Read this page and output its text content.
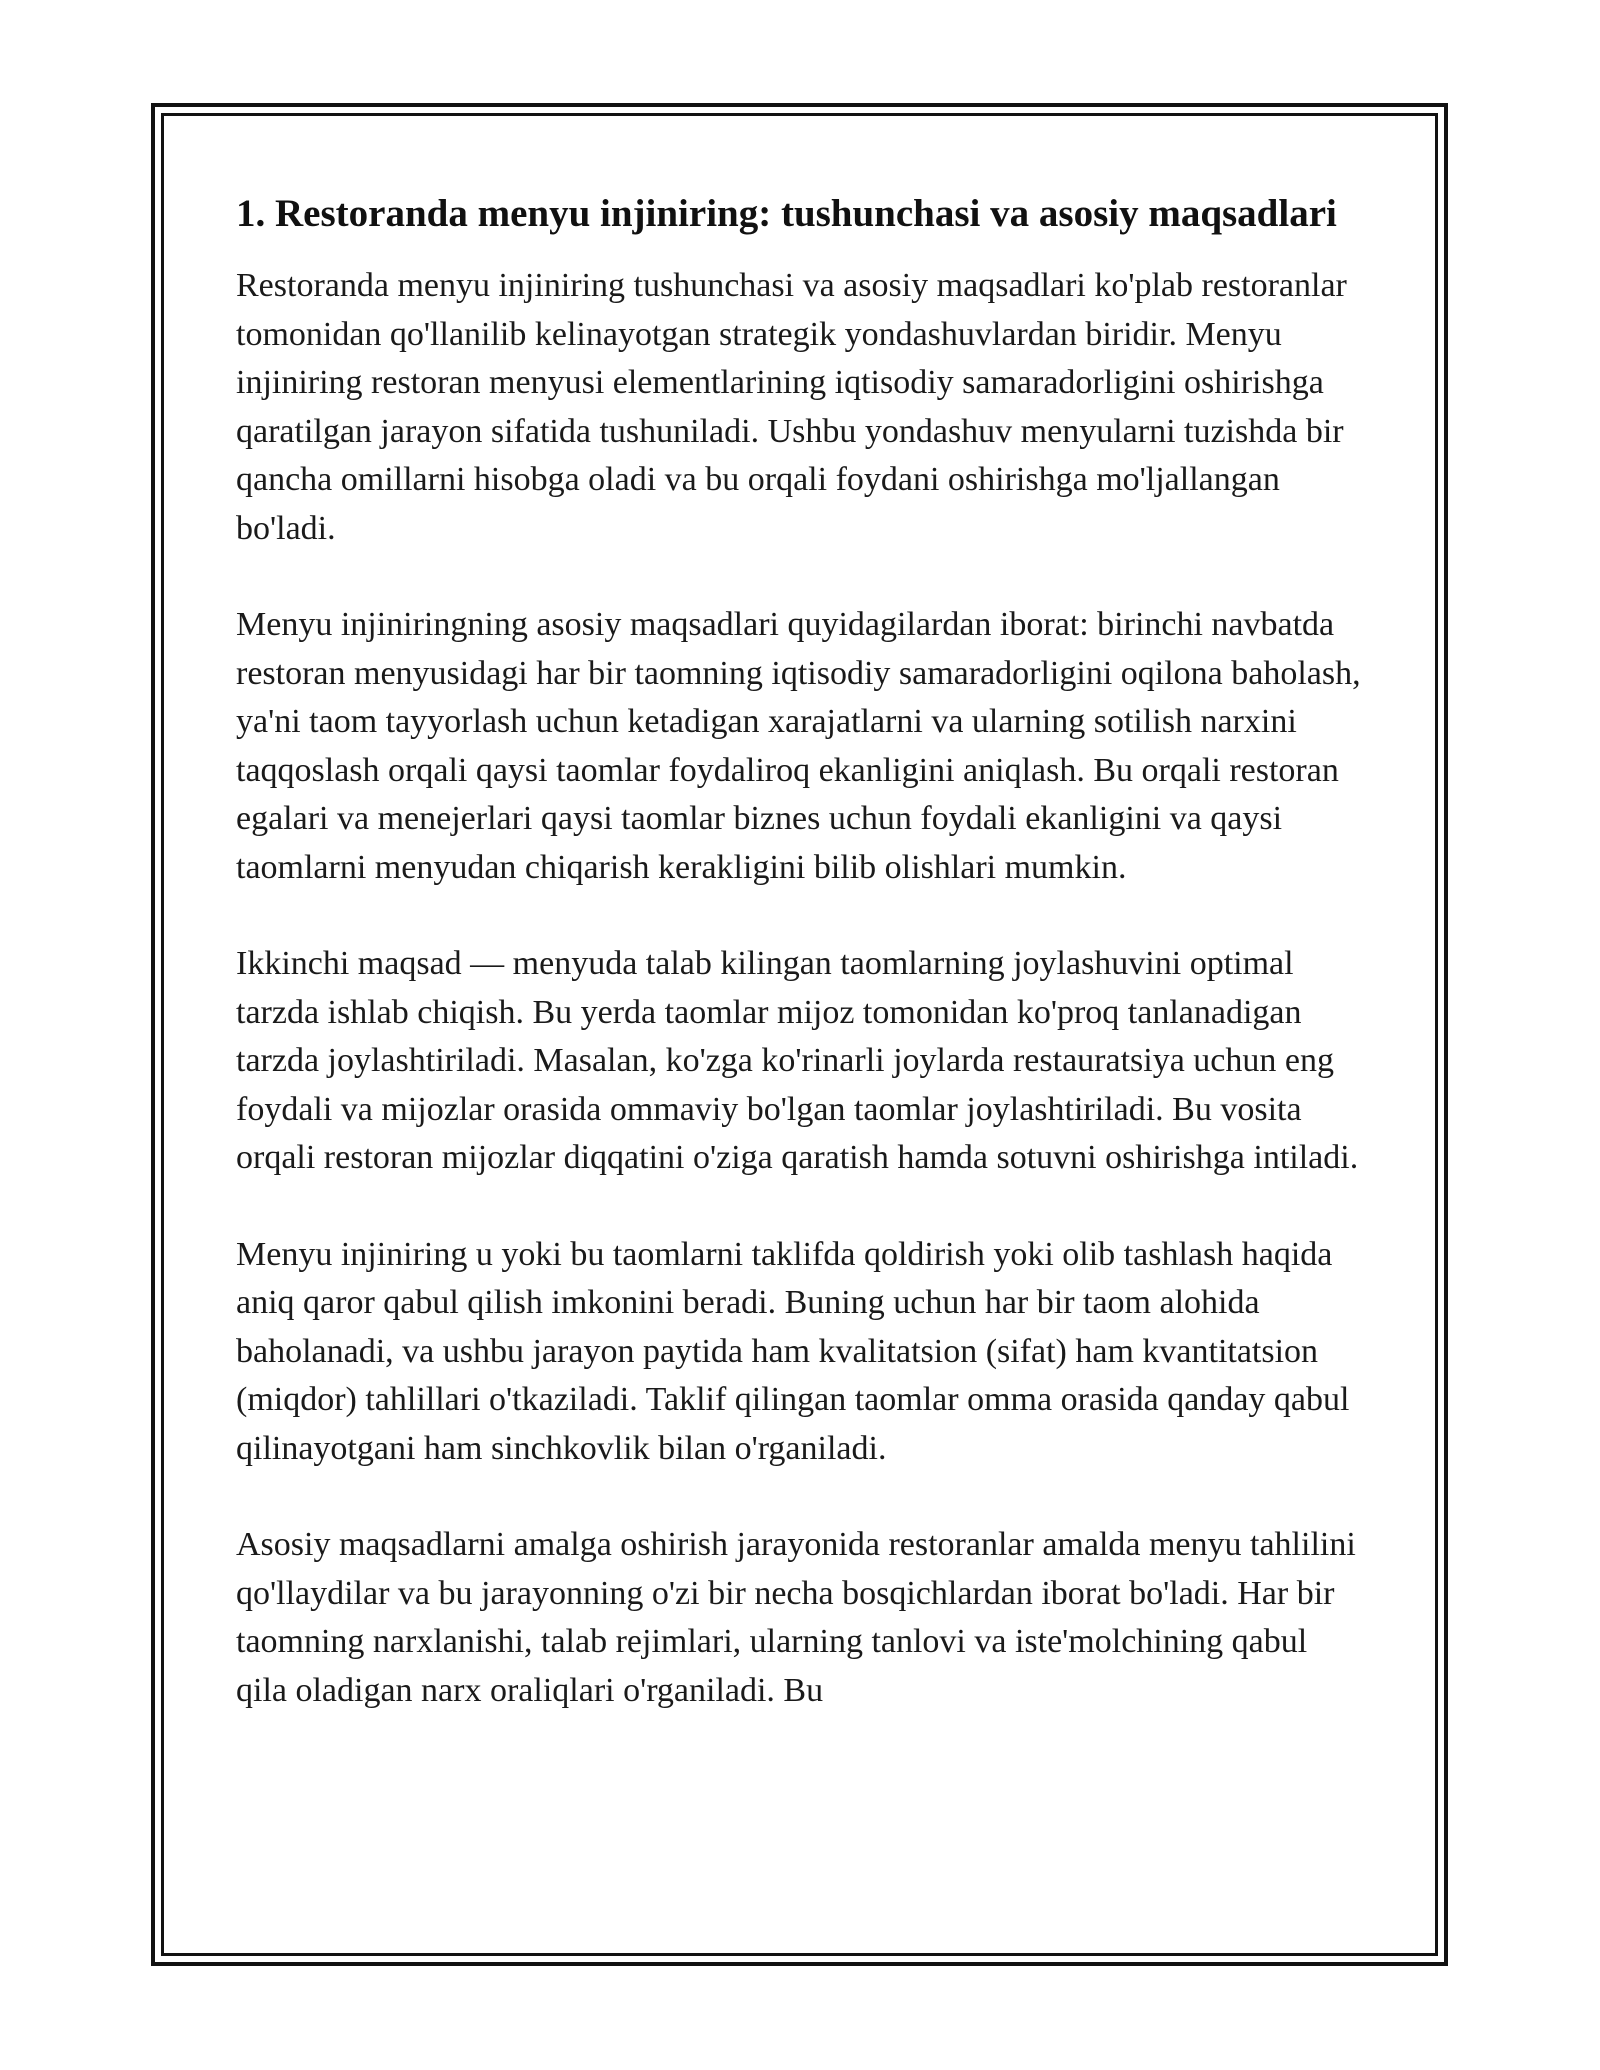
1. Restoranda menyu injiniring: tushunchasi va asosiy maqsadlari

Restoranda menyu injiniring tushunchasi va asosiy maqsadlari ko'plab restoranlar tomonidan qo'llanilib kelinayotgan strategik yondashuvlardan biridir. Menyu injiniring restoran menyusi elementlarining iqtisodiy samaradorligini oshirishga qaratilgan jarayon sifatida tushuniladi. Ushbu yondashuv menyularni tuzishda bir qancha omillarni hisobga oladi va bu orqali foydani oshirishga mo'ljallangan bo'ladi.

Menyu injiniringning asosiy maqsadlari quyidagilardan iborat: birinchi navbatda restoran menyusidagi har bir taomning iqtisodiy samaradorligini oqilona baholash, ya'ni taom tayyorlash uchun ketadigan xarajatlarni va ularning sotilish narxini taqqoslash orqali qaysi taomlar foydaliroq ekanligini aniqlash. Bu orqali restoran egalari va menejerlari qaysi taomlar biznes uchun foydali ekanligini va qaysi taomlarni menyudan chiqarish kerakligini bilib olishlari mumkin.

Ikkinchi maqsad — menyuda talab kilingan taomlarning joylashuvini optimal tarzda ishlab chiqish. Bu yerda taomlar mijoz tomonidan ko'proq tanlanadigan tarzda joylashtiriladi. Masalan, ko'zga ko'rinarli joylarda restauratsiya uchun eng foydali va mijozlar orasida ommaviy bo'lgan taomlar joylashtiriladi. Bu vosita orqali restoran mijozlar diqqatini o'ziga qaratish hamda sotuvni oshirishga intiladi.

Menyu injiniring u yoki bu taomlarni taklifda qoldirish yoki olib tashlash haqida aniq qaror qabul qilish imkonini beradi. Buning uchun har bir taom alohida baholanadi, va ushbu jarayon paytida ham kvalitatsion (sifat) ham kvantitatsion (miqdor) tahlillari o'tkaziladi. Taklif qilingan taomlar omma orasida qanday qabul qilinayotgani ham sinchkovlik bilan o'rganiladi.

Asosiy maqsadlarni amalga oshirish jarayonida restoranlar amalda menyu tahlilini qo'llaydilar va bu jarayonning o'zi bir necha bosqichlardan iborat bo'ladi. Har bir taomning narxlanishi, talab rejimlari, ularning tanlovi va iste'molchining qabul qila oladigan narx oraliqlari o'rganiladi. Bu
